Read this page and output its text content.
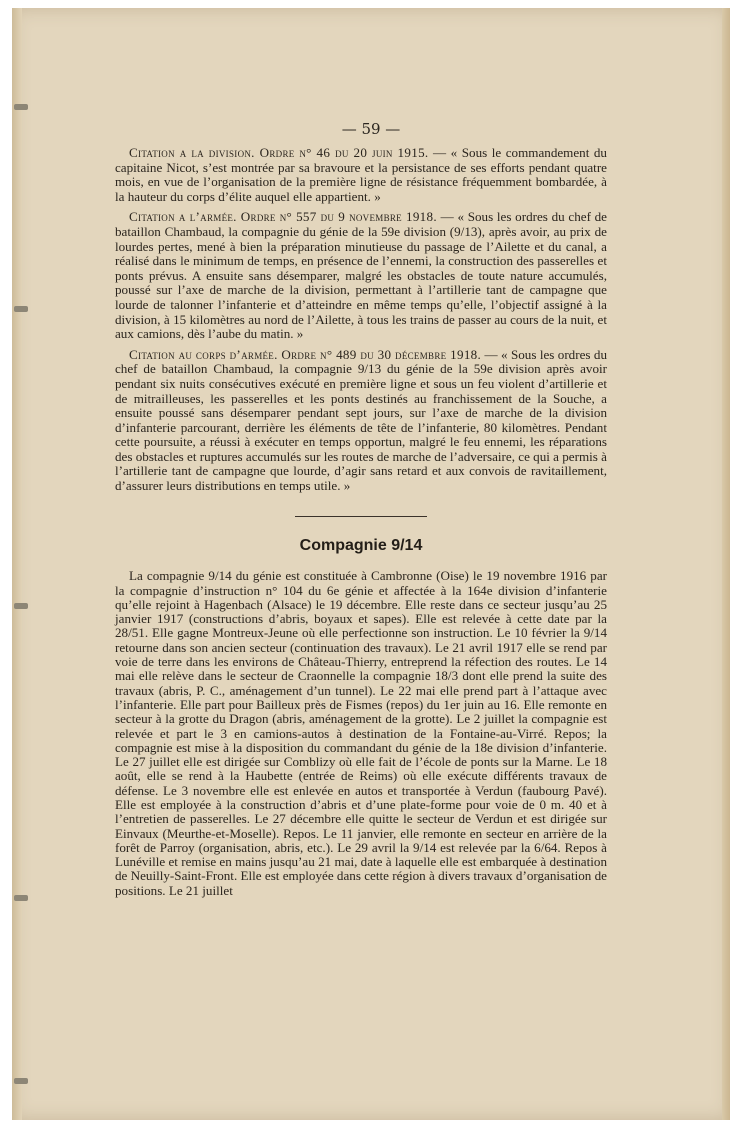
— 59 —

Citation a la division. Ordre n° 46 du 20 juin 1915. — « Sous le commandement du capitaine Nicot, s’est montrée par sa bravoure et la persistance de ses efforts pendant quatre mois, en vue de l’organisation de la première ligne de résistance fréquemment bombardée, à la hauteur du corps d’élite auquel elle appartient. »

Citation a l’armée. Ordre n° 557 du 9 novembre 1918. — « Sous les ordres du chef de bataillon Chambaud, la compagnie du génie de la 59e division (9/13), après avoir, au prix de lourdes pertes, mené à bien la préparation minutieuse du passage de l’Ailette et du canal, a réalisé dans le minimum de temps, en présence de l’ennemi, la construction des passerelles et ponts prévus. A ensuite sans désemparer, malgré les obstacles de toute nature accumulés, poussé sur l’axe de marche de la division, permettant à l’artillerie tant de campagne que lourde de talonner l’infanterie et d’atteindre en même temps qu’elle, l’objectif assigné à la division, à 15 kilomètres au nord de l’Ailette, à tous les trains de passer au cours de la nuit, et aux camions, dès l’aube du matin. »

Citation au corps d’armée. Ordre n° 489 du 30 décembre 1918. — « Sous les ordres du chef de bataillon Chambaud, la compagnie 9/13 du génie de la 59e division après avoir pendant six nuits consécutives exécuté en première ligne et sous un feu violent d’artillerie et de mitrailleuses, les passerelles et les ponts destinés au franchissement de la Souche, a ensuite poussé sans désemparer pendant sept jours, sur l’axe de marche de la division d’infanterie parcourant, derrière les éléments de tête de l’infanterie, 80 kilomètres. Pendant cette poursuite, a réussi à exécuter en temps opportun, malgré le feu ennemi, les réparations des obstacles et ruptures accumulés sur les routes de marche de l’adversaire, ce qui a permis à l’artillerie tant de campagne que lourde, d’agir sans retard et aux convois de ravitaillement, d’assurer leurs distributions en temps utile. »

Compagnie 9/14

La compagnie 9/14 du génie est constituée à Cambronne (Oise) le 19 novembre 1916 par la compagnie d’instruction n° 104 du 6e génie et affectée à la 164e division d’infanterie qu’elle rejoint à Hagenbach (Alsace) le 19 décembre. Elle reste dans ce secteur jusqu’au 25 janvier 1917 (constructions d’abris, boyaux et sapes). Elle est relevée à cette date par la 28/51. Elle gagne Montreux-Jeune où elle perfectionne son instruction. Le 10 février la 9/14 retourne dans son ancien secteur (continuation des travaux). Le 21 avril 1917 elle se rend par voie de terre dans les environs de Château-Thierry, entreprend la réfection des routes. Le 14 mai elle relève dans le secteur de Craonnelle la compagnie 18/3 dont elle prend la suite des travaux (abris, P. C., aménagement d’un tunnel). Le 22 mai elle prend part à l’attaque avec l’infanterie. Elle part pour Bailleux près de Fismes (repos) du 1er juin au 16. Elle remonte en secteur à la grotte du Dragon (abris, aménagement de la grotte). Le 2 juillet la compagnie est relevée et part le 3 en camions-autos à destination de la Fontaine-au-Virré. Repos; la compagnie est mise à la disposition du commandant du génie de la 18e division d’infanterie. Le 27 juillet elle est dirigée sur Comblizy où elle fait de l’école de ponts sur la Marne. Le 18 août, elle se rend à la Haubette (entrée de Reims) où elle exécute différents travaux de défense. Le 3 novembre elle est enlevée en autos et transportée à Verdun (faubourg Pavé). Elle est employée à la construction d’abris et d’une plate-forme pour voie de 0 m. 40 et à l’entretien de passerelles. Le 27 décembre elle quitte le secteur de Verdun et est dirigée sur Einvaux (Meurthe-et-Moselle). Repos. Le 11 janvier, elle remonte en secteur en arrière de la forêt de Parroy (organisation, abris, etc.). Le 29 avril la 9/14 est relevée par la 6/64. Repos à Lunéville et remise en mains jusqu’au 21 mai, date à laquelle elle est embarquée à destination de Neuilly-Saint-Front. Elle est employée dans cette région à divers travaux d’organisation de positions. Le 21 juillet
